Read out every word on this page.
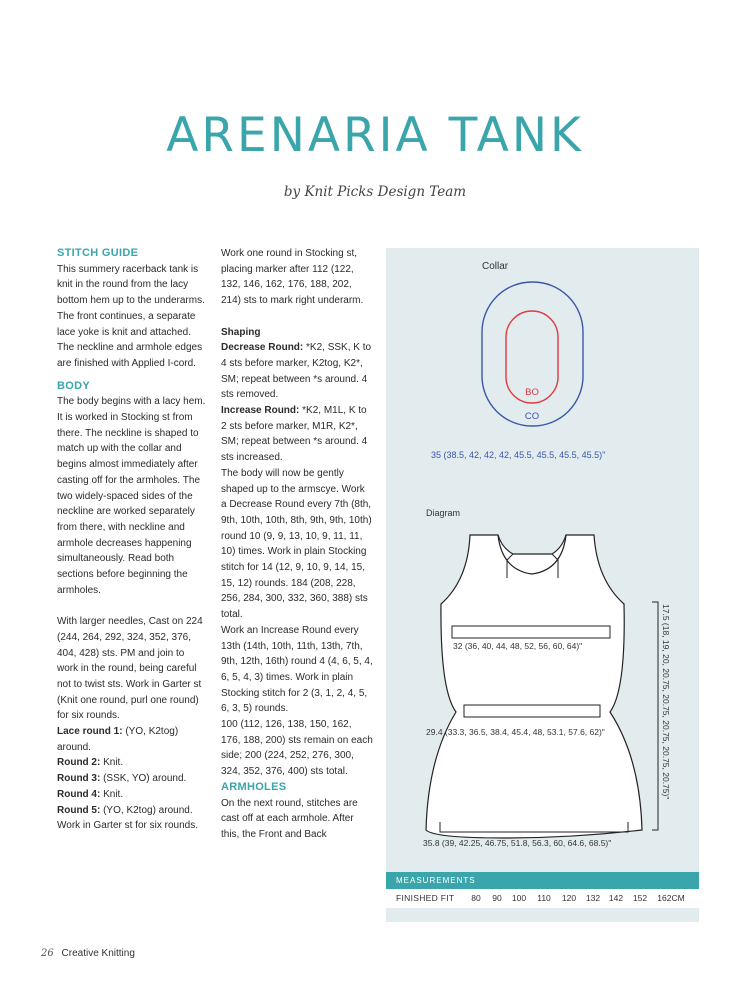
ARENARIA TANK
by Knit Picks Design Team

STITCH GUIDE

This summery racerback tank is knit in the round from the lacy bottom hem up to the underarms. The front continues, a separate lace yoke is knit and attached. The neckline and armhole edges are finished with Applied I-cord.

BODY

The body begins with a lacy hem. It is worked in Stocking st from there. The neckline is shaped to match up with the collar and begins almost immediately after casting off for the armholes. The two widely-spaced sides of the neckline are worked separately from there, with neckline and armhole decreases happening simultaneously. Read both sections before beginning the armholes.

With larger needles, Cast on 224 (244, 264, 292, 324, 352, 376, 404, 428) sts. PM and join to work in the round, being careful not to twist sts. Work in Garter st (Knit one round, purl one round) for six rounds.

Lace round 1: (YO, K2tog) around.

Round 2: Knit.

Round 3: (SSK, YO) around.

Round 4: Knit.

Round 5: (YO, K2tog) around. Work in Garter st for six rounds.

Work one round in Stocking st, placing marker after 112 (122, 132, 146, 162, 176, 188, 202, 214) sts to mark right underarm.

Shaping

Decrease Round: *K2, SSK, K to 4 sts before marker, K2tog, K2*, SM; repeat between *s around. 4 sts removed.

Increase Round: *K2, M1L, K to 2 sts before marker, M1R, K2*, SM; repeat between *s around. 4 sts increased.

The body will now be gently shaped up to the armscye. Work a Decrease Round every 7th (8th, 9th, 10th, 10th, 8th, 9th, 9th, 10th) round 10 (9, 9, 13, 10, 9, 11, 11, 10) times. Work in plain Stocking stitch for 14 (12, 9, 10, 9, 14, 15, 15, 12) rounds. 184 (208, 228, 256, 284, 300, 332, 360, 388) sts total.

Work an Increase Round every 13th (14th, 10th, 11th, 13th, 7th, 9th, 12th, 16th) round 4 (4, 6, 5, 4, 6, 5, 4, 3) times. Work in plain Stocking stitch for 2 (3, 1, 2, 4, 5, 6, 3, 5) rounds.

100 (112, 126, 138, 150, 162, 176, 188, 200) sts remain on each side; 200 (224, 252, 276, 300, 324, 352, 376, 400) sts total.

ARMHOLES

On the next round, stitches are cast off at each armhole. After this, the Front and Back

Collar
BO
CO
35 (38.5, 42, 42, 42, 45.5, 45.5, 45.5, 45.5)"
Diagram
32 (36, 40, 44, 48, 52, 56, 60, 64)"
29.4 (33.3, 36.5, 38.4, 45.4, 48, 53.1, 57.6, 62)"
35.8 (39, 42.25, 46.75, 51.8, 56.3, 60, 64.6, 68.5)"
17.5 (18, 19, 20, 20.75, 20.75, 20.75, 20.75, 20.75)"
MEASUREMENTS
FINISHED FIT	80	90	100	110	120	132	142	152	162CM
26 Creative Knitting
